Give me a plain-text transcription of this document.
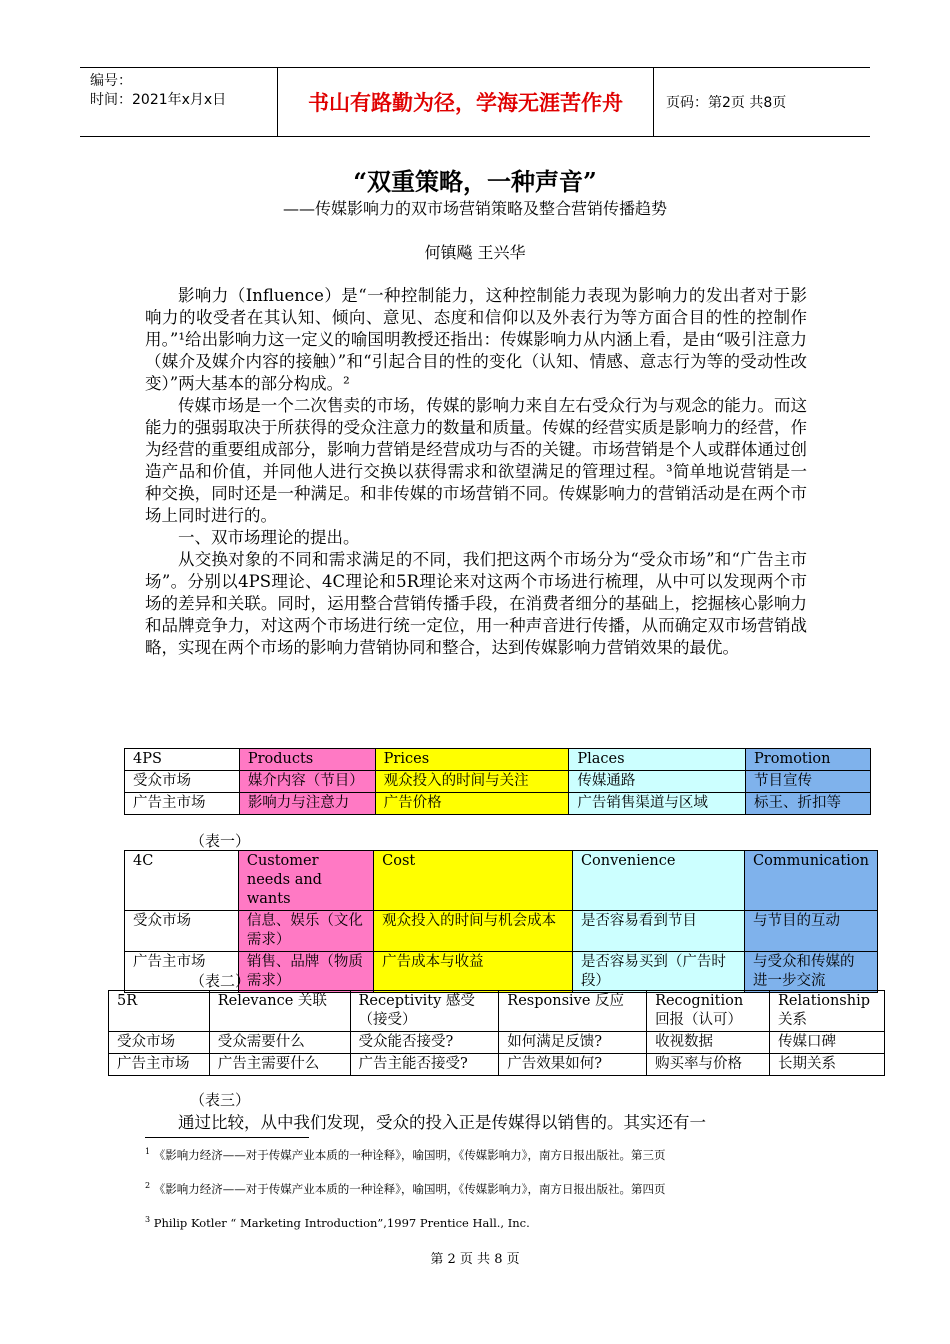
编号：
时间：2021年x月x日	书山有路勤为径，学海无涯苦作舟	页码：第2页 共8页
“双重策略，一种声音”
——传媒影响力的双市场营销策略及整合营销传播趋势
何镇飚 王兴华

影响力（Influence）是“一种控制能力，这种控制能力表现为影响力的发出者对于影响力的收受者在其认知、倾向、意见、态度和信仰以及外表行为等方面合目的性的控制作用。”¹给出影响力这一定义的喻国明教授还指出：传媒影响力从内涵上看，是由“吸引注意力（媒介及媒介内容的接触）”和“引起合目的性的变化（认知、情感、意志行为等的受动性改变）”两大基本的部分构成。²

传媒市场是一个二次售卖的市场，传媒的影响力来自左右受众行为与观念的能力。而这能力的强弱取决于所获得的受众注意力的数量和质量。传媒的经营实质是影响力的经营，作为经营的重要组成部分，影响力营销是经营成功与否的关键。市场营销是个人或群体通过创造产品和价值，并同他人进行交换以获得需求和欲望满足的管理过程。³简单地说营销是一种交换，同时还是一种满足。和非传媒的市场营销不同。传媒影响力的营销活动是在两个市场上同时进行的。

一、双市场理论的提出。

从交换对象的不同和需求满足的不同，我们把这两个市场分为“受众市场”和“广告主市场”。分别以4PS理论、4C理论和5R理论来对这两个市场进行梳理，从中可以发现两个市场的差异和关联。同时，运用整合营销传播手段，在消费者细分的基础上，挖掘核心影响力和品牌竞争力，对这两个市场进行统一定位，用一种声音进行传播，从而确定双市场营销战略，实现在两个市场的影响力营销协同和整合，达到传媒影响力营销效果的最优。

4PS	Products	Prices	Places	Promotion
受众市场	媒介内容（节目）	观众投入的时间与关注	传媒通路	节目宣传
广告主市场	影响力与注意力	广告价格	广告销售渠道与区域	标王、折扣等
（表一）
4C	Customer needs and wants	Cost	Convenience	Communication
受众市场	信息、娱乐（文化需求）	观众投入的时间与机会成本	是否容易看到节目	与节目的互动
广告主市场	销售、品牌（物质需求）	广告成本与收益	是否容易买到（广告时段）	与受众和传媒的进一步交流
（表二）
5R	Relevance 关联	Receptivity 感受（接受）	Responsive 反应	Recognition 回报（认可）	Relationship 关系
受众市场	受众需要什么	受众能否接受?	如何满足反馈?	收视数据	传媒口碑
广告主市场	广告主需要什么	广告主能否接受?	广告效果如何?	购买率与价格	长期关系
（表三）
通过比较，从中我们发现，受众的投入正是传媒得以销售的。其实还有一
$^1$ 《影响力经济——对于传媒产业本质的一种诠释》，喻国明，《传媒影响力》，南方日报出版社。第三页
$^2$ 《影响力经济——对于传媒产业本质的一种诠释》，喻国明，《传媒影响力》，南方日报出版社。第四页
$^3$ Philip Kotler “ Marketing Introduction”,1997 Prentice Hall., Inc.
第 2 页 共 8 页
